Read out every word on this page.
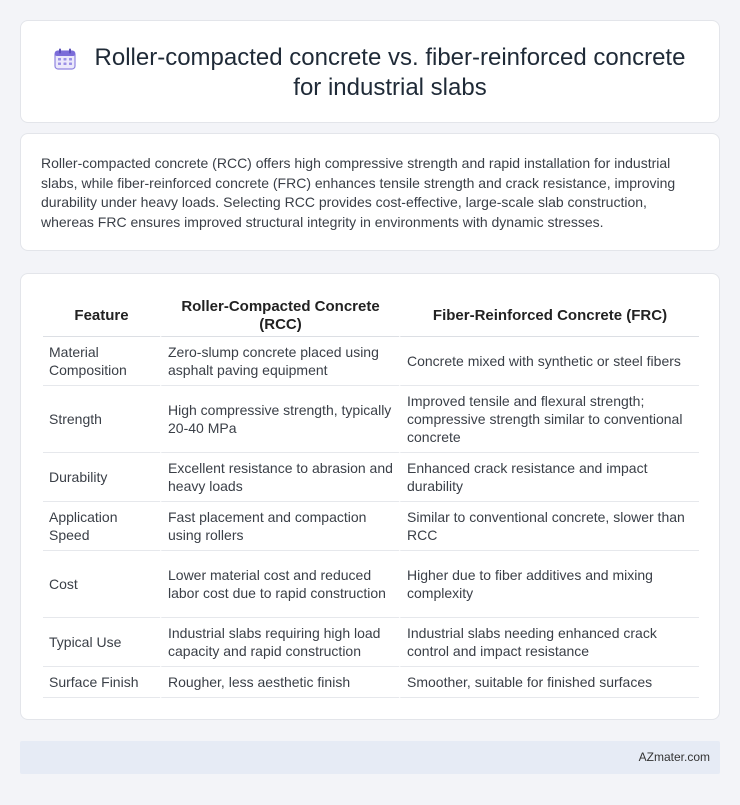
Roller-compacted concrete vs. fiber-reinforced concrete for industrial slabs

Roller-compacted concrete (RCC) offers high compressive strength and rapid installation for industrial slabs, while fiber-reinforced concrete (FRC) enhances tensile strength and crack resistance, improving durability under heavy loads. Selecting RCC provides cost-effective, large-scale slab construction, whereas FRC ensures improved structural integrity in environments with dynamic stresses.

Feature	Roller-Compacted Concrete (RCC)	Fiber-Reinforced Concrete (FRC)
Material Composition	Zero-slump concrete placed using asphalt paving equipment	Concrete mixed with synthetic or steel fibers
Strength	High compressive strength, typically 20-40 MPa	Improved tensile and flexural strength; compressive strength similar to conventional concrete
Durability	Excellent resistance to abrasion and heavy loads	Enhanced crack resistance and impact durability
Application Speed	Fast placement and compaction using rollers	Similar to conventional concrete, slower than RCC
Cost	Lower material cost and reduced labor cost due to rapid construction	Higher due to fiber additives and mixing complexity
Typical Use	Industrial slabs requiring high load capacity and rapid construction	Industrial slabs needing enhanced crack control and impact resistance
Surface Finish	Rougher, less aesthetic finish	Smoother, suitable for finished surfaces
AZmater.com
